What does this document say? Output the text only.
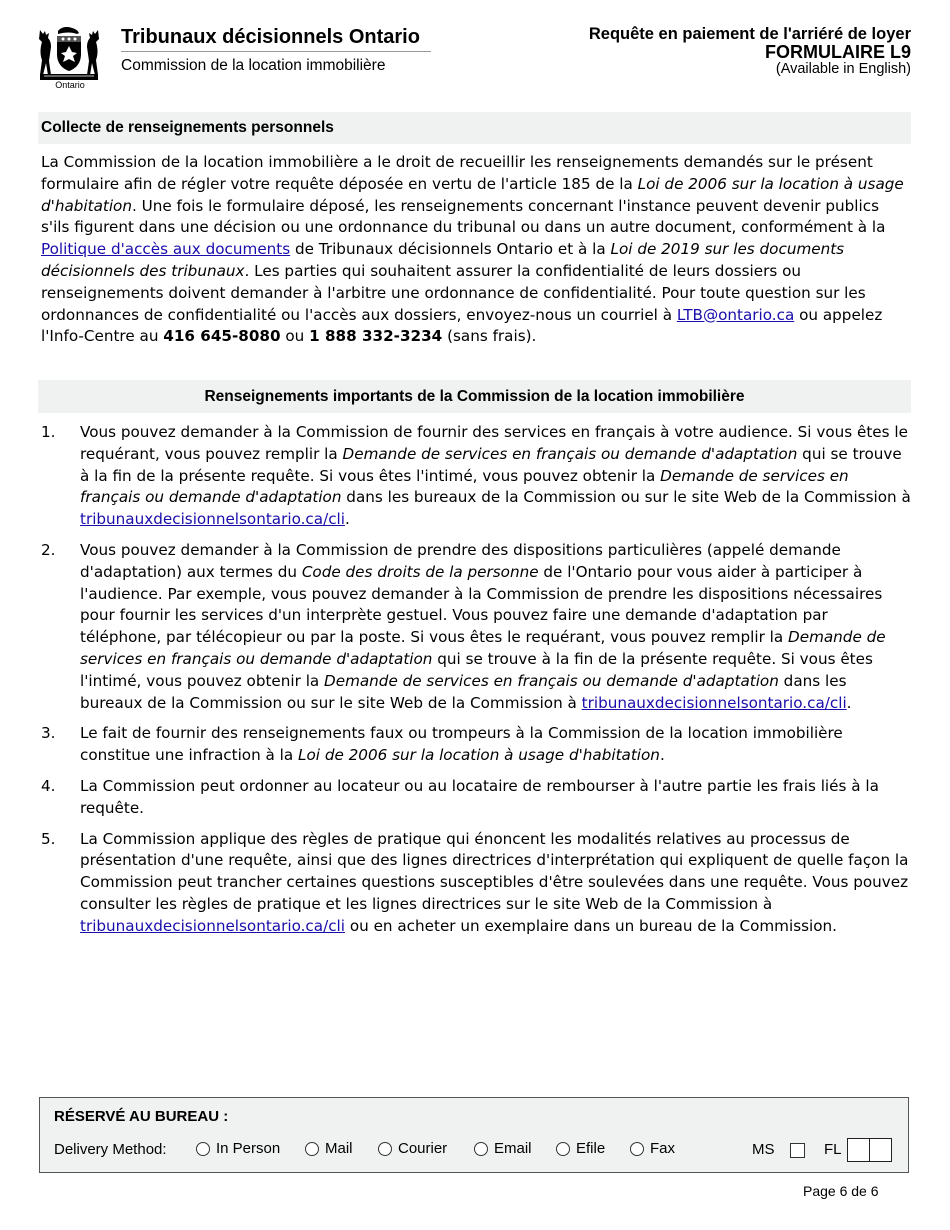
Ontario
Tribunaux décisionnels Ontario
Commission de la location immobilière
Requête en paiement de l'arriéré de loyer
FORMULAIRE L9
(Available in English)
Collecte de renseignements personnels
La Commission de la location immobilière a le droit de recueillir les renseignements demandés sur le présent formulaire afin de régler votre requête déposée en vertu de l'article 185 de la Loi de 2006 sur la location à usage d'habitation. Une fois le formulaire déposé, les renseignements concernant l'instance peuvent devenir publics s'ils figurent dans une décision ou une ordonnance du tribunal ou dans un autre document, conformément à la Politique d'accès aux documents de Tribunaux décisionnels Ontario et à la Loi de 2019 sur les documents décisionnels des tribunaux. Les parties qui souhaitent assurer la confidentialité de leurs dossiers ou renseignements doivent demander à l'arbitre une ordonnance de confidentialité. Pour toute question sur les ordonnances de confidentialité ou l'accès aux dossiers, envoyez-nous un courriel à LTB@ontario.ca ou appelez l'Info-Centre au 416 645-8080 ou 1 888 332-3234 (sans frais).
Renseignements importants de la Commission de la location immobilière
1. Vous pouvez demander à la Commission de fournir des services en français à votre audience. Si vous êtes le requérant, vous pouvez remplir la Demande de services en français ou demande d'adaptation qui se trouve à la fin de la présente requête. Si vous êtes l'intimé, vous pouvez obtenir la Demande de services en français ou demande d'adaptation dans les bureaux de la Commission ou sur le site Web de la Commission à tribunauxdecisionnelsontario.ca/cli.
2. Vous pouvez demander à la Commission de prendre des dispositions particulières (appelé demande d'adaptation) aux termes du Code des droits de la personne de l'Ontario pour vous aider à participer à l'audience. Par exemple, vous pouvez demander à la Commission de prendre les dispositions nécessaires pour fournir les services d'un interprète gestuel. Vous pouvez faire une demande d'adaptation par téléphone, par télécopieur ou par la poste. Si vous êtes le requérant, vous pouvez remplir la Demande de services en français ou demande d'adaptation qui se trouve à la fin de la présente requête. Si vous êtes l'intimé, vous pouvez obtenir la Demande de services en français ou demande d'adaptation dans les bureaux de la Commission ou sur le site Web de la Commission à tribunauxdecisionnelsontario.ca/cli.
3. Le fait de fournir des renseignements faux ou trompeurs à la Commission de la location immobilière constitue une infraction à la Loi de 2006 sur la location à usage d'habitation.
4. La Commission peut ordonner au locateur ou au locataire de rembourser à l'autre partie les frais liés à la requête.
5. La Commission applique des règles de pratique qui énoncent les modalités relatives au processus de présentation d'une requête, ainsi que des lignes directrices d'interprétation qui expliquent de quelle façon la Commission peut trancher certaines questions susceptibles d'être soulevées dans une requête. Vous pouvez consulter les règles de pratique et les lignes directrices sur le site Web de la Commission à tribunauxdecisionnelsontario.ca/cli ou en acheter un exemplaire dans un bureau de la Commission.
RÉSERVÉ AU BUREAU :
Delivery Method:	In Person	Mail	Courier	Email	Efile	Fax	MS	FL
Page 6 de 6
